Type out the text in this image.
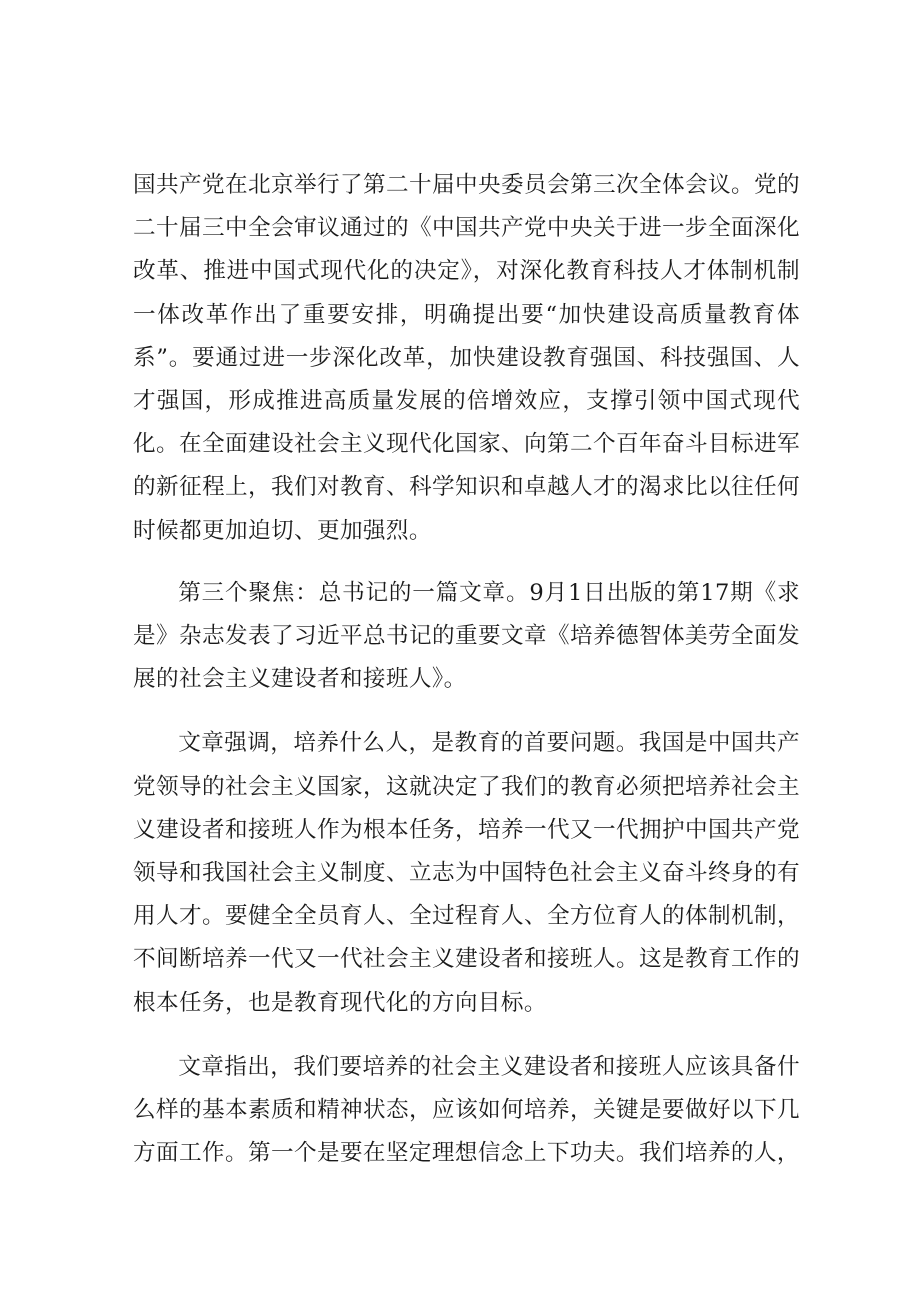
国共产党在北京举行了第二十届中央委员会第三次全体会议。党的二十届三中全会审议通过的《中国共产党中央关于进一步全面深化改革、推进中国式现代化的决定》，对深化教育科技人才体制机制一体改革作出了重要安排，明确提出要“加快建设高质量教育体系”。要通过进一步深化改革，加快建设教育强国、科技强国、人才强国，形成推进高质量发展的倍增效应，支撑引领中国式现代化。在全面建设社会主义现代化国家、向第二个百年奋斗目标进军的新征程上，我们对教育、科学知识和卓越人才的渴求比以往任何时候都更加迫切、更加强烈。

第三个聚焦：总书记的一篇文章。9月1日出版的第17期《求是》杂志发表了习近平总书记的重要文章《培养德智体美劳全面发展的社会主义建设者和接班人》。

文章强调，培养什么人，是教育的首要问题。我国是中国共产党领导的社会主义国家，这就决定了我们的教育必须把培养社会主义建设者和接班人作为根本任务，培养一代又一代拥护中国共产党领导和我国社会主义制度、立志为中国特色社会主义奋斗终身的有用人才。要健全全员育人、全过程育人、全方位育人的体制机制，不间断培养一代又一代社会主义建设者和接班人。这是教育工作的根本任务，也是教育现代化的方向目标。

文章指出，我们要培养的社会主义建设者和接班人应该具备什么样的基本素质和精神状态，应该如何培养，关键是要做好以下几方面工作。第一个是要在坚定理想信念上下功夫。我们培养的人，
